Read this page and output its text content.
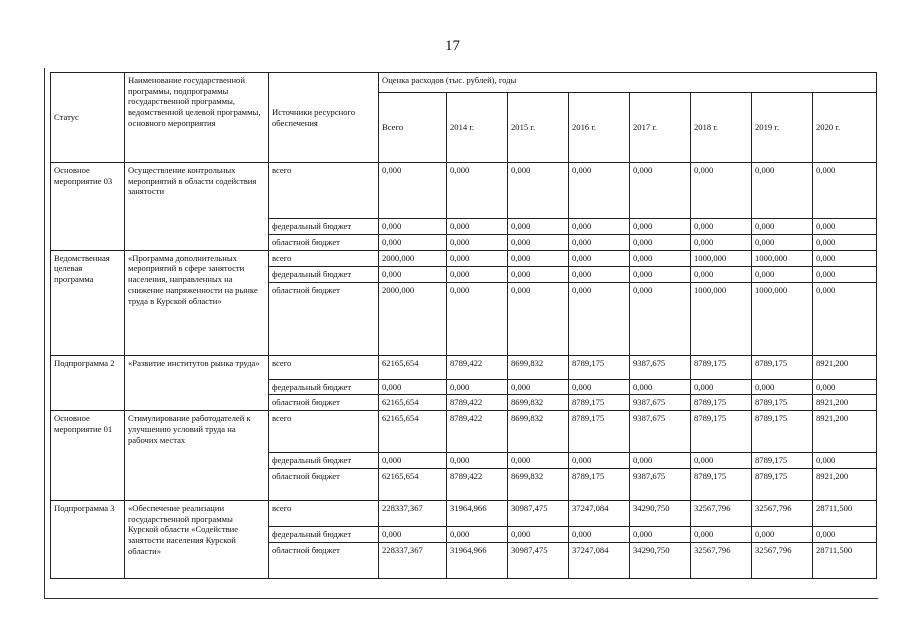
17
Статус	Наименование государственной программы, подпрограммы государственной программы, ведомственной целевой программы, основного мероприятия	Источники ресурсного обеспечения	Оценка расходов (тыс. рублей), годы							
			Всего	2014 г.	2015 г.	2016 г.	2017 г.	2018 г.	2019 г.	2020 г.
Основное мероприятие 03	Осуществление контрольных мероприятий в области содействия занятости	всего	0,000	0,000	0,000	0,000	0,000	0,000	0,000	0,000
		федеральный бюджет	0,000	0,000	0,000	0,000	0,000	0,000	0,000	0,000
		областной бюджет	0,000	0,000	0,000	0,000	0,000	0,000	0,000	0,000
Ведомственная целевая программа	«Программа дополнительных мероприятий в сфере занятости населения, направленных на снижение напряженности на рынке труда в Курской области»	всего	2000,000	0,000	0,000	0,000	0,000	1000,000	1000,000	0,000
		федеральный бюджет	0,000	0,000	0,000	0,000	0,000	0,000	0,000	0,000
		областной бюджет	2000,000	0,000	0,000	0,000	0,000	1000,000	1000,000	0,000
Подпрограмма 2	«Развитие институтов рынка труда»	всего	62165,654	8789,422	8699,832	8789,175	9387,675	8789,175	8789,175	8921,200
		федеральный бюджет	0,000	0,000	0,000	0,000	0,000	0,000	0,000	0,000
		областной бюджет	62165,654	8789,422	8699,832	8789,175	9387,675	8789,175	8789,175	8921,200
Основное мероприятие 01	Стимулирование работодателей к улучшению условий труда на рабочих местах	всего	62165,654	8789,422	8699,832	8789,175	9387,675	8789,175	8789,175	8921,200
		федеральный бюджет	0,000	0,000	0,000	0,000	0,000	0,000	8789,175	0,000
		областной бюджет	62165,654	8789,422	8699,832	8789,175	9387,675	8789,175	8789,175	8921,200
Подпрограмма 3	«Обеспечение реализации государственной программы Курской области «Содействие занятости населения Курской области»	всего	228337,367	31964,966	30987,475	37247,084	34290,750	32567,796	32567,796	28711,500
		федеральный бюджет	0,000	0,000	0,000	0,000	0,000	0,000	0,000	0,000
		областной бюджет	228337,367	31964,966	30987,475	37247,084	34290,750	32567,796	32567,796	28711,500
